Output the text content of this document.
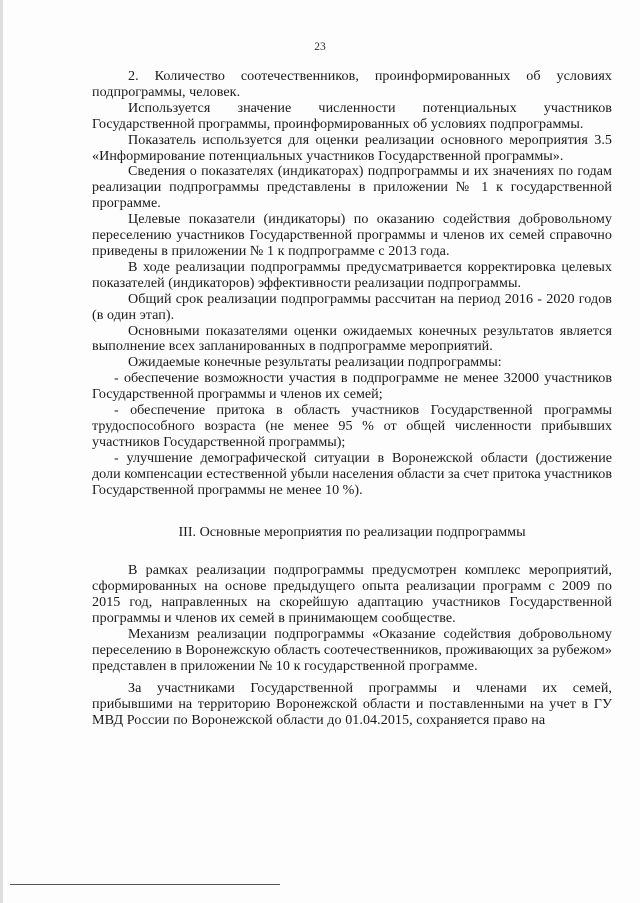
23

2. Количество соотечественников, проинформированных об условиях подпрограммы, человек.

Используется значение численности потенциальных участников Государственной программы, проинформированных об условиях подпрограммы.

Показатель используется для оценки реализации основного мероприятия 3.5 «Информирование потенциальных участников Государственной программы».

Сведения о показателях (индикаторах) подпрограммы и их значениях по годам реализации подпрограммы представлены в приложении № 1 к государственной программе.

Целевые показатели (индикаторы) по оказанию содействия добровольному переселению участников Государственной программы и членов их семей справочно приведены в приложении № 1 к подпрограмме с 2013 года.

В ходе реализации подпрограммы предусматривается корректировка целевых показателей (индикаторов) эффективности реализации подпрограммы.

Общий срок реализации подпрограммы рассчитан на период 2016 - 2020 годов (в один этап).

Основными показателями оценки ожидаемых конечных результатов является выполнение всех запланированных в подпрограмме мероприятий.

Ожидаемые конечные результаты реализации подпрограммы:

- обеспечение возможности участия в подпрограмме не менее 32000 участников Государственной программы и членов их семей;

- обеспечение притока в область участников Государственной программы трудоспособного возраста (не менее 95 % от общей численности прибывших участников Государственной программы);

- улучшение демографической ситуации в Воронежской области (достижение доли компенсации естественной убыли населения области за счет притока участников Государственной программы не менее 10 %).

III. Основные мероприятия по реализации подпрограммы

В рамках реализации подпрограммы предусмотрен комплекс мероприятий, сформированных на основе предыдущего опыта реализации программ с 2009 по 2015 год, направленных на скорейшую адаптацию участников Государственной программы и членов их семей в принимающем сообществе.

Механизм реализации подпрограммы «Оказание содействия добровольному переселению в Воронежскую область соотечественников, проживающих за рубежом» представлен в приложении № 10 к государственной программе.

За участниками Государственной программы и членами их семей, прибывшими на территорию Воронежской области и поставленными на учет в ГУ МВД России по Воронежской области до 01.04.2015, сохраняется право на
